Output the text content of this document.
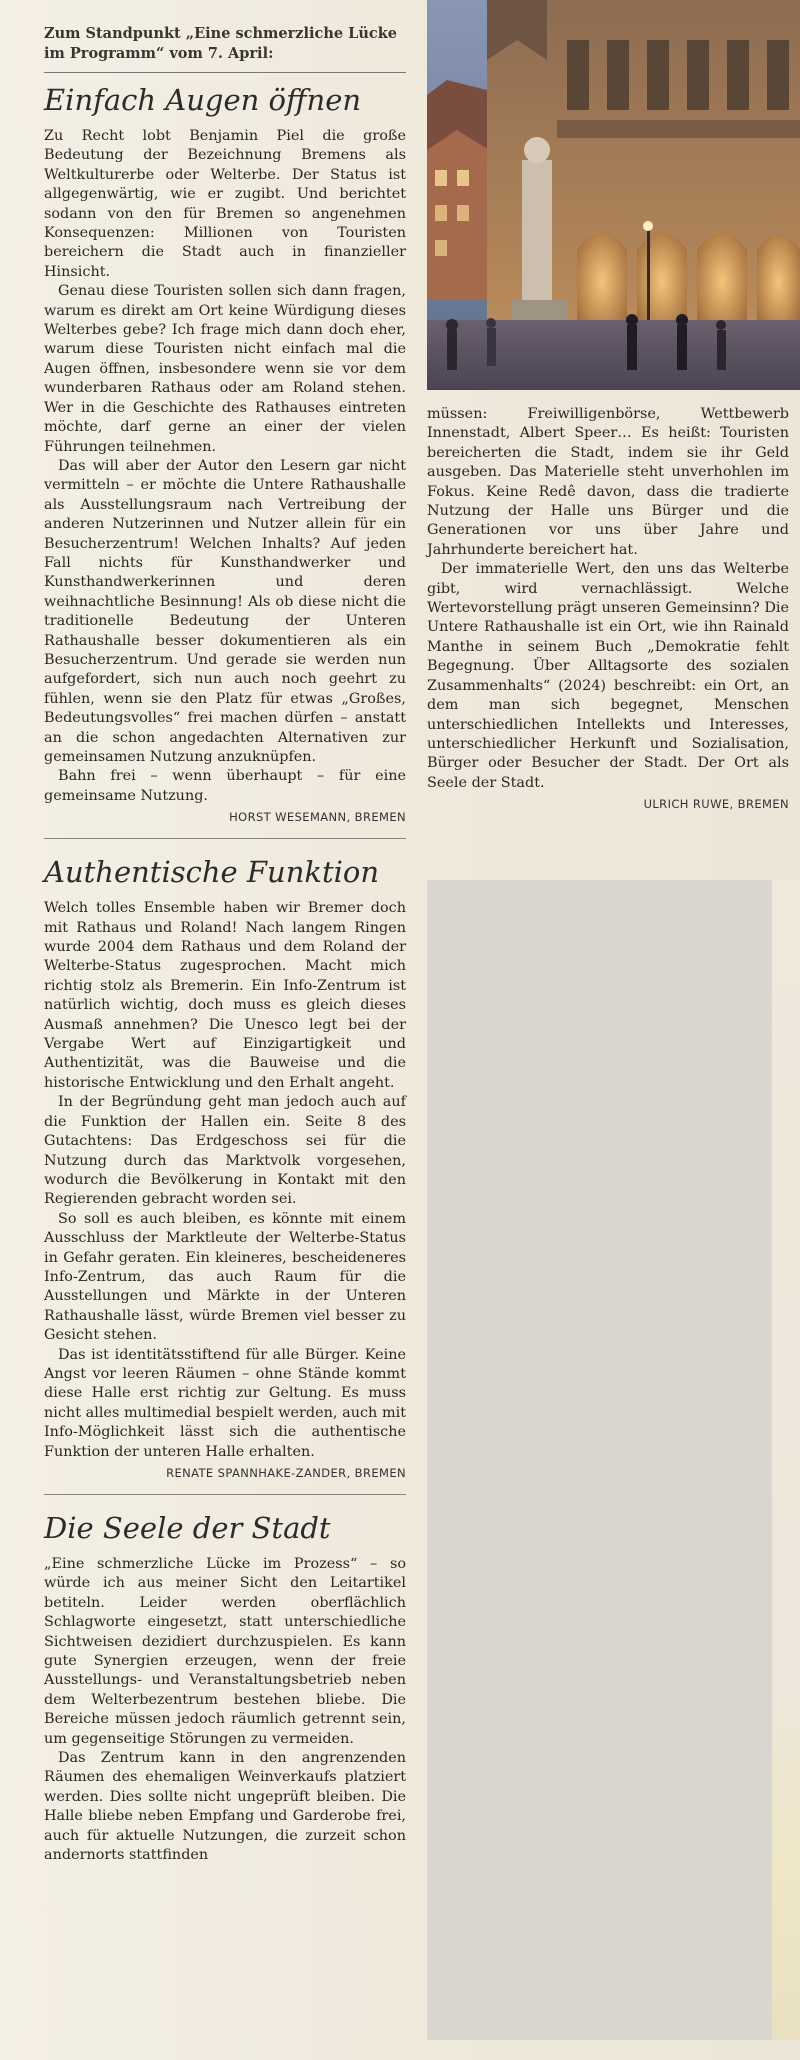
Zum Standpunkt „Eine schmerzliche Lücke im Programm“ vom 7. April:
Einfach Augen öffnen

Zu Recht lobt Benjamin Piel die große Bedeutung der Bezeichnung Bremens als Weltkulturerbe oder Welterbe. Der Status ist allgegenwärtig, wie er zugibt. Und berichtet sodann von den für Bremen so angenehmen Konsequenzen: Millionen von Touristen bereichern die Stadt auch in finanzieller Hinsicht.

Genau diese Touristen sollen sich dann fragen, warum es direkt am Ort keine Würdigung dieses Welterbes gebe? Ich frage mich dann doch eher, warum diese Touristen nicht einfach mal die Augen öffnen, insbesondere wenn sie vor dem wunderbaren Rathaus oder am Roland stehen. Wer in die Geschichte des Rathauses eintreten möchte, darf gerne an einer der vielen Führungen teilnehmen.

Das will aber der Autor den Lesern gar nicht vermitteln – er möchte die Untere Rathaushalle als Ausstellungsraum nach Vertreibung der anderen Nutzerinnen und Nutzer allein für ein Besucherzentrum! Welchen Inhalts? Auf jeden Fall nichts für Kunsthandwerker und Kunsthandwerkerinnen und deren weihnachtliche Besinnung! Als ob diese nicht die traditionelle Bedeutung der Unteren Rathaushalle besser dokumentieren als ein Besucherzentrum. Und gerade sie werden nun aufgefordert, sich nun auch noch geehrt zu fühlen, wenn sie den Platz für etwas „Großes, Bedeutungsvolles“ frei machen dürfen – anstatt an die schon angedachten Alternativen zur gemeinsamen Nutzung anzuknüpfen.

Bahn frei – wenn überhaupt – für eine gemeinsame Nutzung.

HORST WESEMANN, BREMEN
Authentische Funktion

Welch tolles Ensemble haben wir Bremer doch mit Rathaus und Roland! Nach langem Ringen wurde 2004 dem Rathaus und dem Roland der Welterbe-Status zugesprochen. Macht mich richtig stolz als Bremerin. Ein Info-Zentrum ist natürlich wichtig, doch muss es gleich dieses Ausmaß annehmen? Die Unesco legt bei der Vergabe Wert auf Einzigartigkeit und Authentizität, was die Bauweise und die historische Entwicklung und den Erhalt angeht.

In der Begründung geht man jedoch auch auf die Funktion der Hallen ein. Seite 8 des Gutachtens: Das Erdgeschoss sei für die Nutzung durch das Marktvolk vorgesehen, wodurch die Bevölkerung in Kontakt mit den Regierenden gebracht worden sei.

So soll es auch bleiben, es könnte mit einem Ausschluss der Marktleute der Welterbe-Status in Gefahr geraten. Ein kleineres, bescheideneres Info-Zentrum, das auch Raum für die Ausstellungen und Märkte in der Unteren Rathaushalle lässt, würde Bremen viel besser zu Gesicht stehen.

Das ist identitätsstiftend für alle Bürger. Keine Angst vor leeren Räumen – ohne Stände kommt diese Halle erst richtig zur Geltung. Es muss nicht alles multimedial bespielt werden, auch mit Info-Möglichkeit lässt sich die authentische Funktion der unteren Halle erhalten.

RENATE SPANNHAKE-ZANDER, BREMEN
Die Seele der Stadt

„Eine schmerzliche Lücke im Prozess“ – so würde ich aus meiner Sicht den Leitartikel betiteln. Leider werden oberflächlich Schlagworte eingesetzt, statt unterschiedliche Sichtweisen dezidiert durchzuspielen. Es kann gute Synergien erzeugen, wenn der freie Ausstellungs- und Veranstaltungsbetrieb neben dem Welterbezentrum bestehen bliebe. Die Bereiche müssen jedoch räumlich getrennt sein, um gegenseitige Störungen zu vermeiden.

Das Zentrum kann in den angrenzenden Räumen des ehemaligen Weinverkaufs platziert werden. Dies sollte nicht ungeprüft bleiben. Die Halle bliebe neben Empfang und Garderobe frei, auch für aktuelle Nutzungen, die zurzeit schon andernorts stattfinden

müssen: Freiwilligenbörse, Wettbewerb Innenstadt, Albert Speer… Es heißt: Touristen bereicherten die Stadt, indem sie ihr Geld ausgeben. Das Materielle steht unverhohlen im Fokus. Keine Redê davon, dass die tradierte Nutzung der Halle uns Bürger und die Generationen vor uns über Jahre und Jahrhunderte bereichert hat.

Der immaterielle Wert, den uns das Welterbe gibt, wird vernachlässigt. Welche Wertevorstellung prägt unseren Gemeinsinn? Die Untere Rathaushalle ist ein Ort, wie ihn Rainald Manthe in seinem Buch „Demokratie fehlt Begegnung. Über Alltagsorte des sozialen Zusammenhalts“ (2024) beschreibt: ein Ort, an dem man sich begegnet, Menschen unterschiedlichen Intellekts und Interesses, unterschiedlicher Herkunft und Sozialisation, Bürger oder Besucher der Stadt. Der Ort als Seele der Stadt.

ULRICH RUWE, BREMEN
